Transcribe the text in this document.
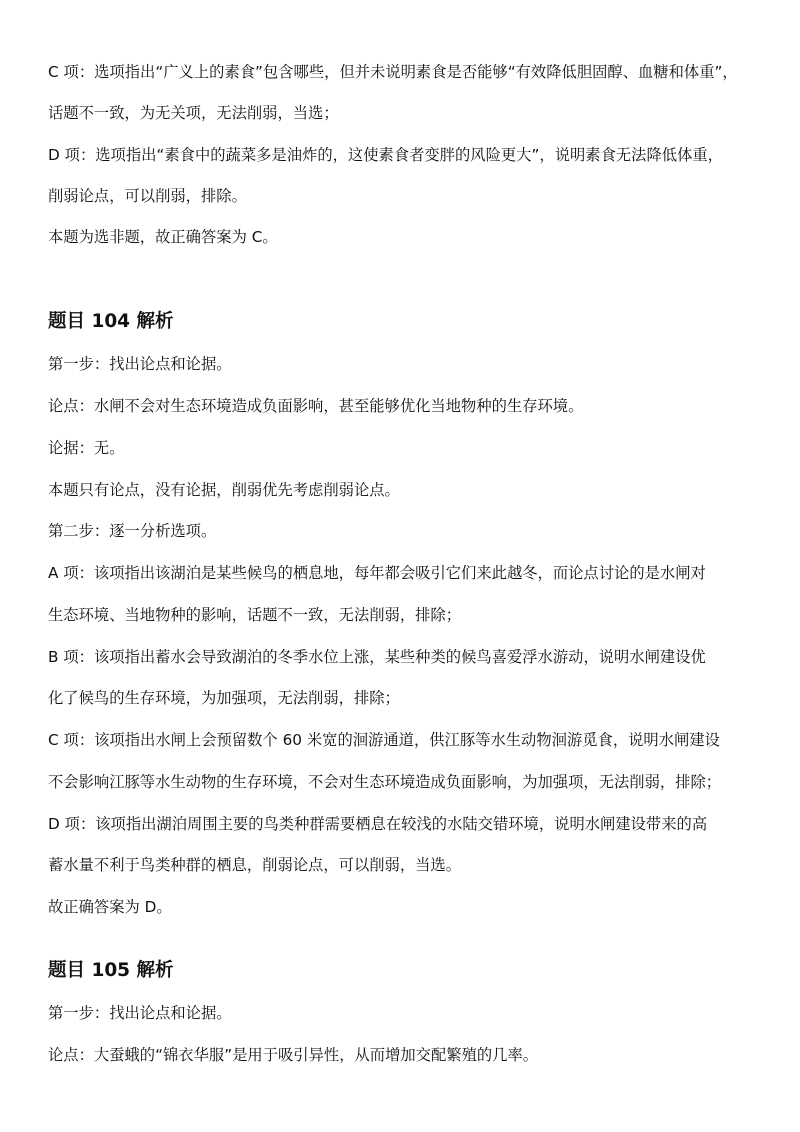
C 项：选项指出“广义上的素食”包含哪些，但并未说明素食是否能够“有效降低胆固醇、血糖和体重”，
话题不一致，为无关项，无法削弱，当选；
D 项：选项指出“素食中的蔬菜多是油炸的，这使素食者变胖的风险更大”，说明素食无法降低体重，
削弱论点，可以削弱，排除。
本题为选非题，故正确答案为 C。
题目 104 解析
第一步：找出论点和论据。
论点：水闸不会对生态环境造成负面影响，甚至能够优化当地物种的生存环境。
论据：无。
本题只有论点，没有论据，削弱优先考虑削弱论点。
第二步：逐一分析选项。
A 项：该项指出该湖泊是某些候鸟的栖息地，每年都会吸引它们来此越冬，而论点讨论的是水闸对
生态环境、当地物种的影响，话题不一致，无法削弱，排除；
B 项：该项指出蓄水会导致湖泊的冬季水位上涨，某些种类的候鸟喜爱浮水游动，说明水闸建设优
化了候鸟的生存环境，为加强项，无法削弱，排除；
C 项：该项指出水闸上会预留数个 60 米宽的洄游通道，供江豚等水生动物洄游觅食，说明水闸建设
不会影响江豚等水生动物的生存环境，不会对生态环境造成负面影响，为加强项，无法削弱，排除；
D 项：该项指出湖泊周围主要的鸟类种群需要栖息在较浅的水陆交错环境，说明水闸建设带来的高
蓄水量不利于鸟类种群的栖息，削弱论点，可以削弱，当选。
故正确答案为 D。
题目 105 解析
第一步：找出论点和论据。
论点：大蚕蛾的“锦衣华服”是用于吸引异性，从而增加交配繁殖的几率。
